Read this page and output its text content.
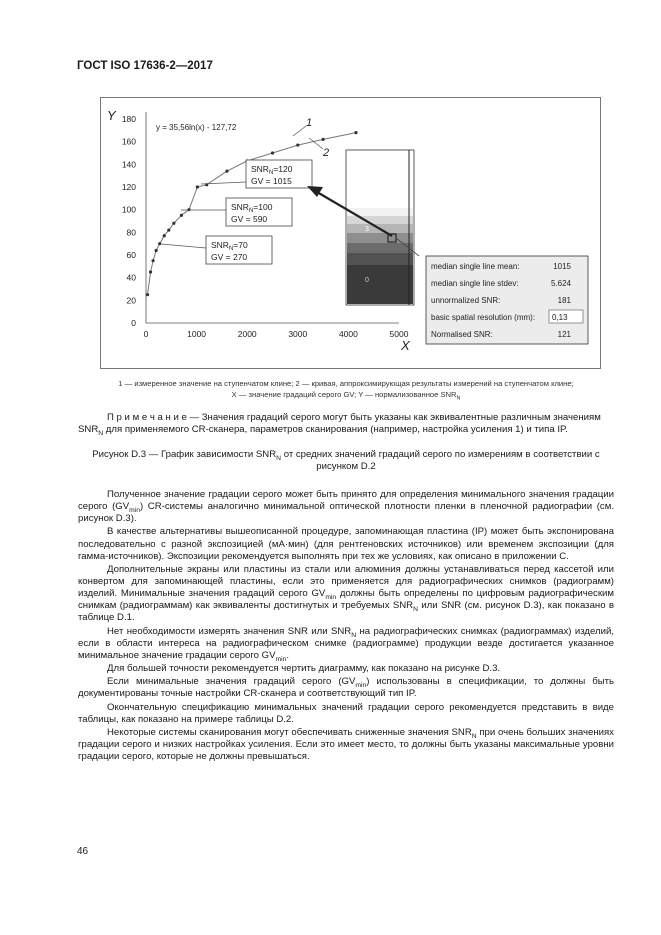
ГОСТ ISO 17636-2—2017
0
20
40
60
80
100
120
140
160
180
0	1000	2000	3000	4000	5000
Y
X
y = 35,56ln(x) - 127,72	1
2
$SNR_N=120$
GV = 1015
$SNR_N=100$
GV = 590
$SNR_N=70$
GV = 270
3
0
median single line mean:	1015
median single line stdev:	5.624
unnormalized SNR:	181
basic spatial resolution (mm): 0,13
Normalised SNR:	121
1 — измеренное значение на ступенчатом клине; 2 — кривая, аппроксимирующая результаты измерений на ступенчатом клине;
X — значение градаций серого GV; Y — нормализованное $SNR_N$
П р и м е ч а н и е — Значения градаций серого могут быть указаны как эквивалентные различным значениям $SNR_N$ для применяемого CR-сканера, параметров сканирования (например, настройка усиления 1) и типа IP.
Рисунок D.3 — График зависимости $SNR_N$ от средних значений градаций серого по измерениям в соответствии с рисунком D.2

Полученное значение градации серого может быть принято для определения минимального значения градации серого $(GV_{min})$ CR-системы аналогично минимальной оптической плотности пленки в пленочной радиографии (см. рисунок D.3).

В качестве альтернативы вышеописанной процедуре, запоминающая пластина (IP) может быть экспонирована последовательно с разной экспозицией (мА·мин) (для рентгеновских источников) или временем экспозиции (для гамма-источников). Экспозиции рекомендуется выполнять при тех же условиях, как описано в приложении С.

Дополнительные экраны или пластины из стали или алюминия должны устанавливаться перед кассетой или конвертом для запоминающей пластины, если это применяется для радиографических снимков (радиограмм) изделий. Минимальные значения градаций серого $GV_{min}$ должны быть определены по цифровым радиографическим снимкам (радиограммам) как эквиваленты достигнутых и требуемых $SNR_N$ или SNR (см. рисунок D.3), как показано в таблице D.1.

Нет необходимости измерять значения SNR или $SNR_N$ на радиографических снимках (радиограммах) изделий, если в области интереса на радиографическом снимке (радиограмме) продукции везде достигается указанное минимальное значение градации серого $GV_{min}$.

Для большей точности рекомендуется чертить диаграмму, как показано на рисунке D.3.

Если минимальные значения градаций серого $(GV_{min})$ использованы в спецификации, то должны быть документированы точные настройки CR-сканера и соответствующий тип IP.

Окончательную спецификацию минимальных значений градации серого рекомендуется представить в виде таблицы, как показано на примере таблицы D.2.

Некоторые системы сканирования могут обеспечивать сниженные значения $SNR_N$ при очень больших значениях градации серого и низких настройках усиления. Если это имеет место, то должны быть указаны максимальные уровни градации серого, которые не должны превышаться.

46
